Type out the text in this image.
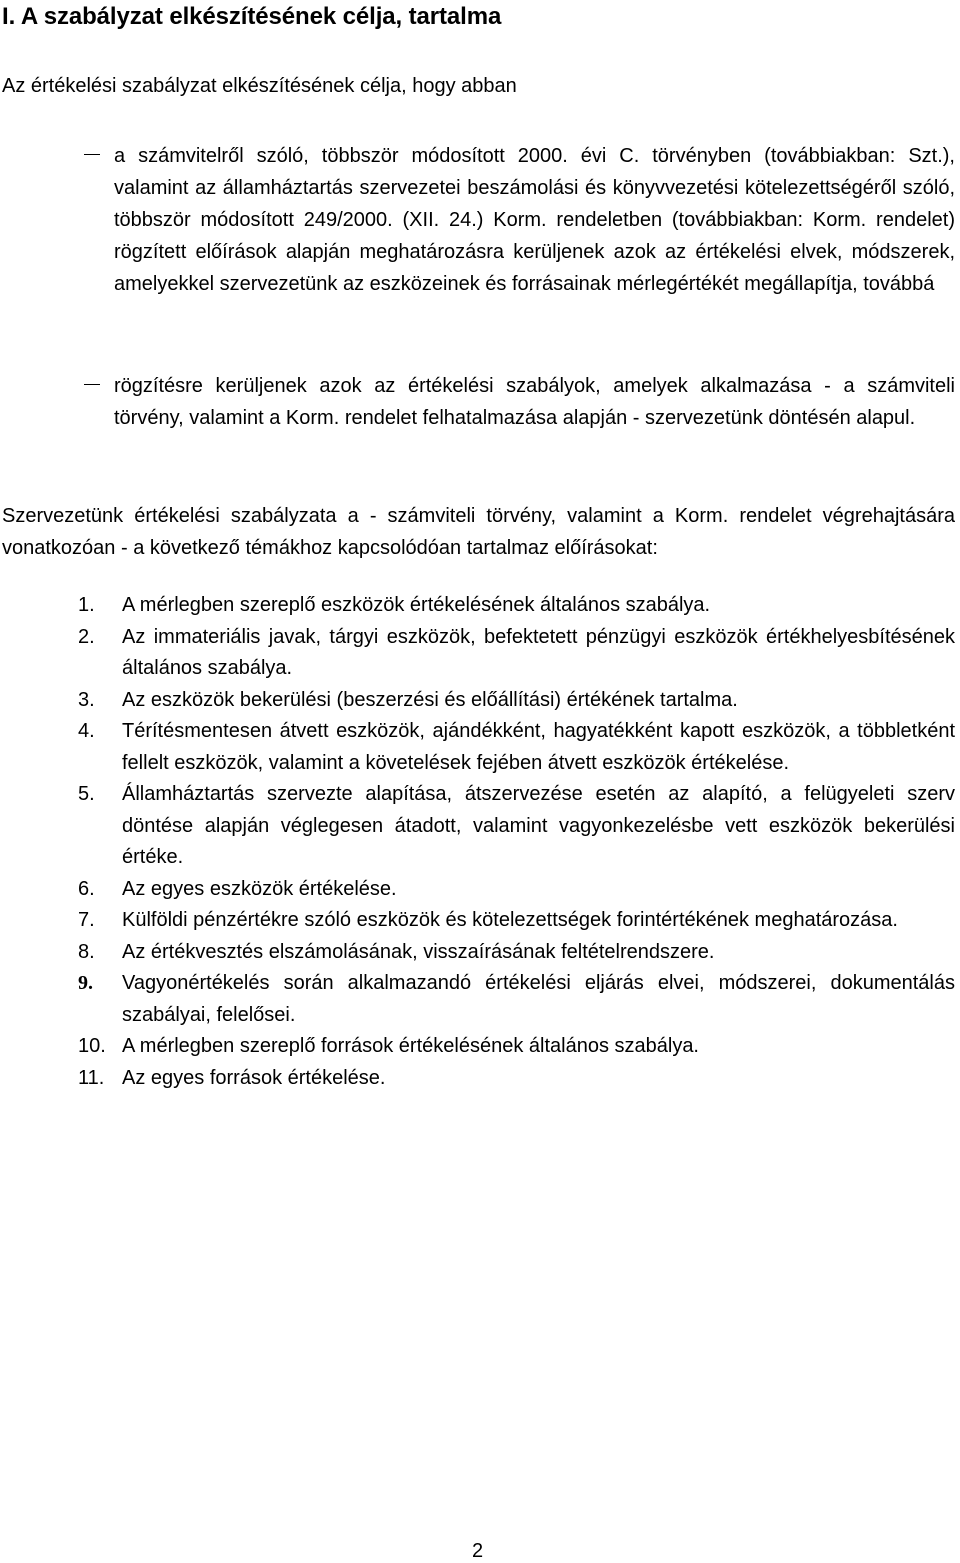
I. A szabályzat elkészítésének célja, tartalma
Az értékelési szabályzat elkészítésének célja, hogy abban
a számvitelről szóló, többször módosított 2000. évi C. törvényben (továbbiakban: Szt.), valamint az államháztartás szervezetei beszámolási és könyvvezetési kötelezettségéről szóló, többször módosított 249/2000. (XII. 24.) Korm. rendeletben (továbbiakban: Korm. rendelet) rögzített előírások alapján meghatározásra kerüljenek azok az értékelési elvek, módszerek, amelyekkel szervezetünk az eszközeinek és forrásainak mérlegértékét megállapítja, továbbá
rögzítésre kerüljenek azok az értékelési szabályok, amelyek alkalmazása - a számviteli törvény, valamint a Korm. rendelet felhatalmazása alapján - szervezetünk döntésén alapul.
Szervezetünk értékelési szabályzata a - számviteli törvény, valamint a Korm. rendelet végrehajtására vonatkozóan - a következő témákhoz kapcsolódóan tartalmaz előírásokat:
1.	A mérlegben szereplő eszközök értékelésének általános szabálya.
2.	Az immateriális javak, tárgyi eszközök, befektetett pénzügyi eszközök értékhelyesbítésének általános szabálya.
3.	Az eszközök bekerülési (beszerzési és előállítási) értékének tartalma.
4.	Térítésmentesen átvett eszközök, ajándékként, hagyatékként kapott eszközök, a többletként fellelt eszközök, valamint a követelések fejében átvett eszközök értékelése.
5.	Államháztartás szervezte alapítása, átszervezése esetén az alapító, a felügyeleti szerv döntése alapján véglegesen átadott, valamint vagyonkezelésbe vett eszközök bekerülési értéke.
6.	Az egyes eszközök értékelése.
7.	Külföldi pénzértékre szóló eszközök és kötelezettségek forintértékének meghatározása.
8.	Az értékvesztés elszámolásának, visszaírásának feltételrendszere.
9.	Vagyonértékelés során alkalmazandó értékelési eljárás elvei, módszerei, dokumentálás szabályai, felelősei.
10. A mérlegben szereplő források értékelésének általános szabálya.
11. Az egyes források értékelése.
2
